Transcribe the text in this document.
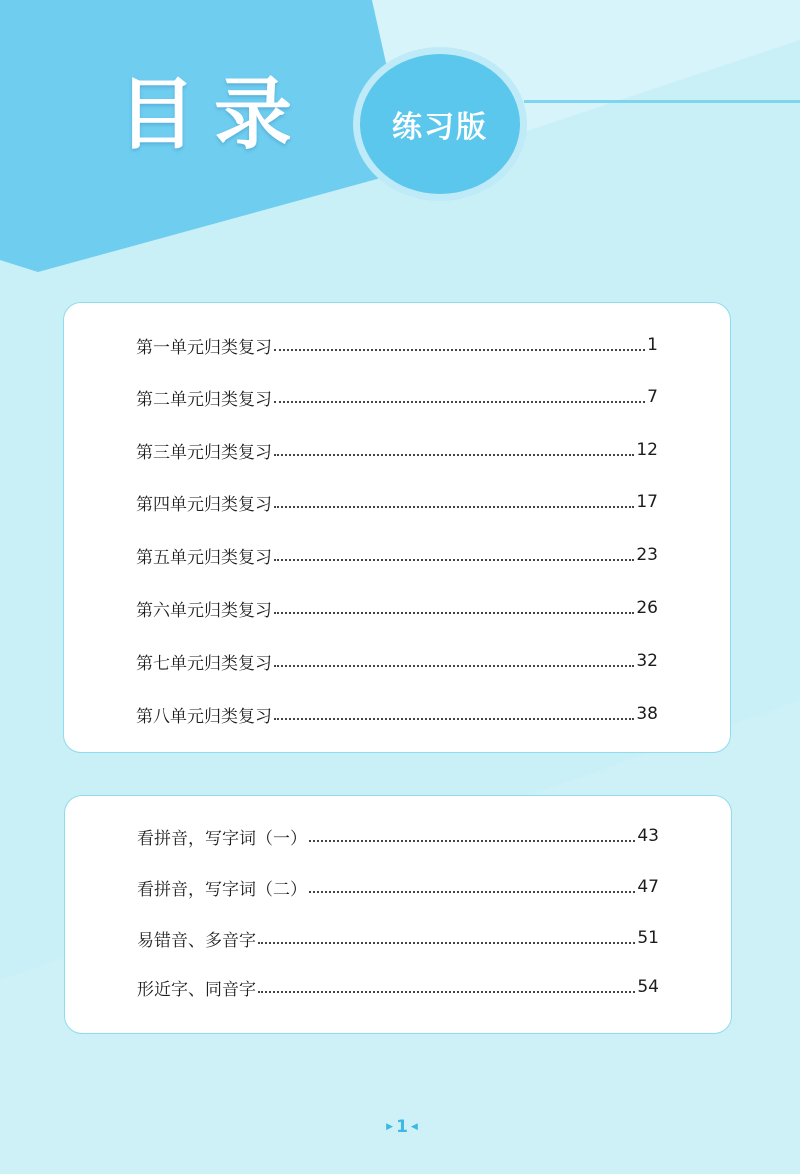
目录	练习版
第一单元归类复习	1
第二单元归类复习	7
第三单元归类复习	12
第四单元归类复习	17
第五单元归类复习	23
第六单元归类复习	26
第七单元归类复习	32
第八单元归类复习	38
看拼音，写字词（一）	43
看拼音，写字词（二）	47
易错音、多音字	51
形近字、同音字	54
▶ 1 ◀
